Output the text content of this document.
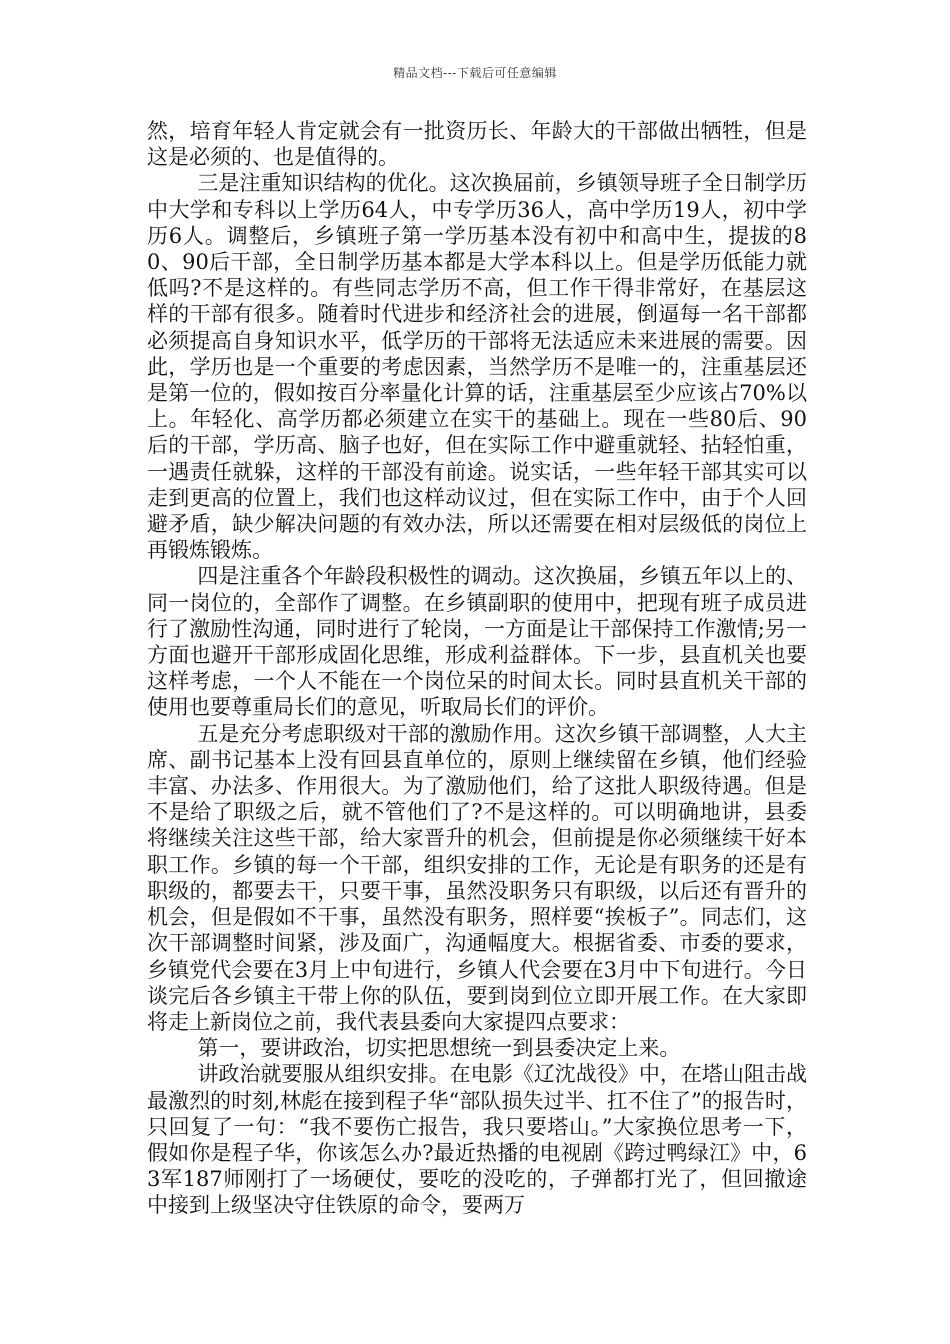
精品文档---下载后可任意编辑

然，培育年轻人肯定就会有一批资历长、年龄大的干部做出牺牲，但是这是必须的、也是值得的。

三是注重知识结构的优化。这次换届前，乡镇领导班子全日制学历中大学和专科以上学历64人，中专学历36人，高中学历19人，初中学历6人。调整后，乡镇班子第一学历基本没有初中和高中生，提拔的80、90后干部，全日制学历基本都是大学本科以上。但是学历低能力就低吗?不是这样的。有些同志学历不高，但工作干得非常好，在基层这样的干部有很多。随着时代进步和经济社会的进展，倒逼每一名干部都必须提高自身知识水平，低学历的干部将无法适应未来进展的需要。因此，学历也是一个重要的考虑因素，当然学历不是唯一的，注重基层还是第一位的，假如按百分率量化计算的话，注重基层至少应该占70%以上。年轻化、高学历都必须建立在实干的基础上。现在一些80后、90后的干部，学历高、脑子也好，但在实际工作中避重就轻、拈轻怕重，一遇责任就躲，这样的干部没有前途。说实话，一些年轻干部其实可以走到更高的位置上，我们也这样动议过，但在实际工作中，由于个人回避矛盾，缺少解决问题的有效办法，所以还需要在相对层级低的岗位上再锻炼锻炼。

四是注重各个年龄段积极性的调动。这次换届，乡镇五年以上的、同一岗位的，全部作了调整。在乡镇副职的使用中，把现有班子成员进行了激励性沟通，同时进行了轮岗，一方面是让干部保持工作激情;另一方面也避开干部形成固化思维，形成利益群体。下一步，县直机关也要这样考虑，一个人不能在一个岗位呆的时间太长。同时县直机关干部的使用也要尊重局长们的意见，听取局长们的评价。

五是充分考虑职级对干部的激励作用。这次乡镇干部调整，人大主席、副书记基本上没有回县直单位的，原则上继续留在乡镇，他们经验丰富、办法多、作用很大。为了激励他们，给了这批人职级待遇。但是不是给了职级之后，就不管他们了?不是这样的。可以明确地讲，县委将继续关注这些干部，给大家晋升的机会，但前提是你必须继续干好本职工作。乡镇的每一个干部，组织安排的工作，无论是有职务的还是有职级的，都要去干，只要干事，虽然没职务只有职级，以后还有晋升的机会，但是假如不干事，虽然没有职务，照样要“挨板子”。同志们，这次干部调整时间紧，涉及面广，沟通幅度大。根据省委、市委的要求，乡镇党代会要在3月上中旬进行，乡镇人代会要在3月中下旬进行。今日谈完后各乡镇主干带上你的队伍，要到岗到位立即开展工作。在大家即将走上新岗位之前，我代表县委向大家提四点要求：

第一，要讲政治，切实把思想统一到县委决定上来。

讲政治就要服从组织安排。在电影《辽沈战役》中，在塔山阻击战最激烈的时刻,林彪在接到程子华“部队损失过半、扛不住了”的报告时，只回复了一句：“我不要伤亡报告，我只要塔山。”大家换位思考一下，假如你是程子华，你该怎么办?最近热播的电视剧《跨过鸭绿江》中，63军187师刚打了一场硬仗，要吃的没吃的，子弹都打光了，但回撤途中接到上级坚决守住铁原的命令，要两万
